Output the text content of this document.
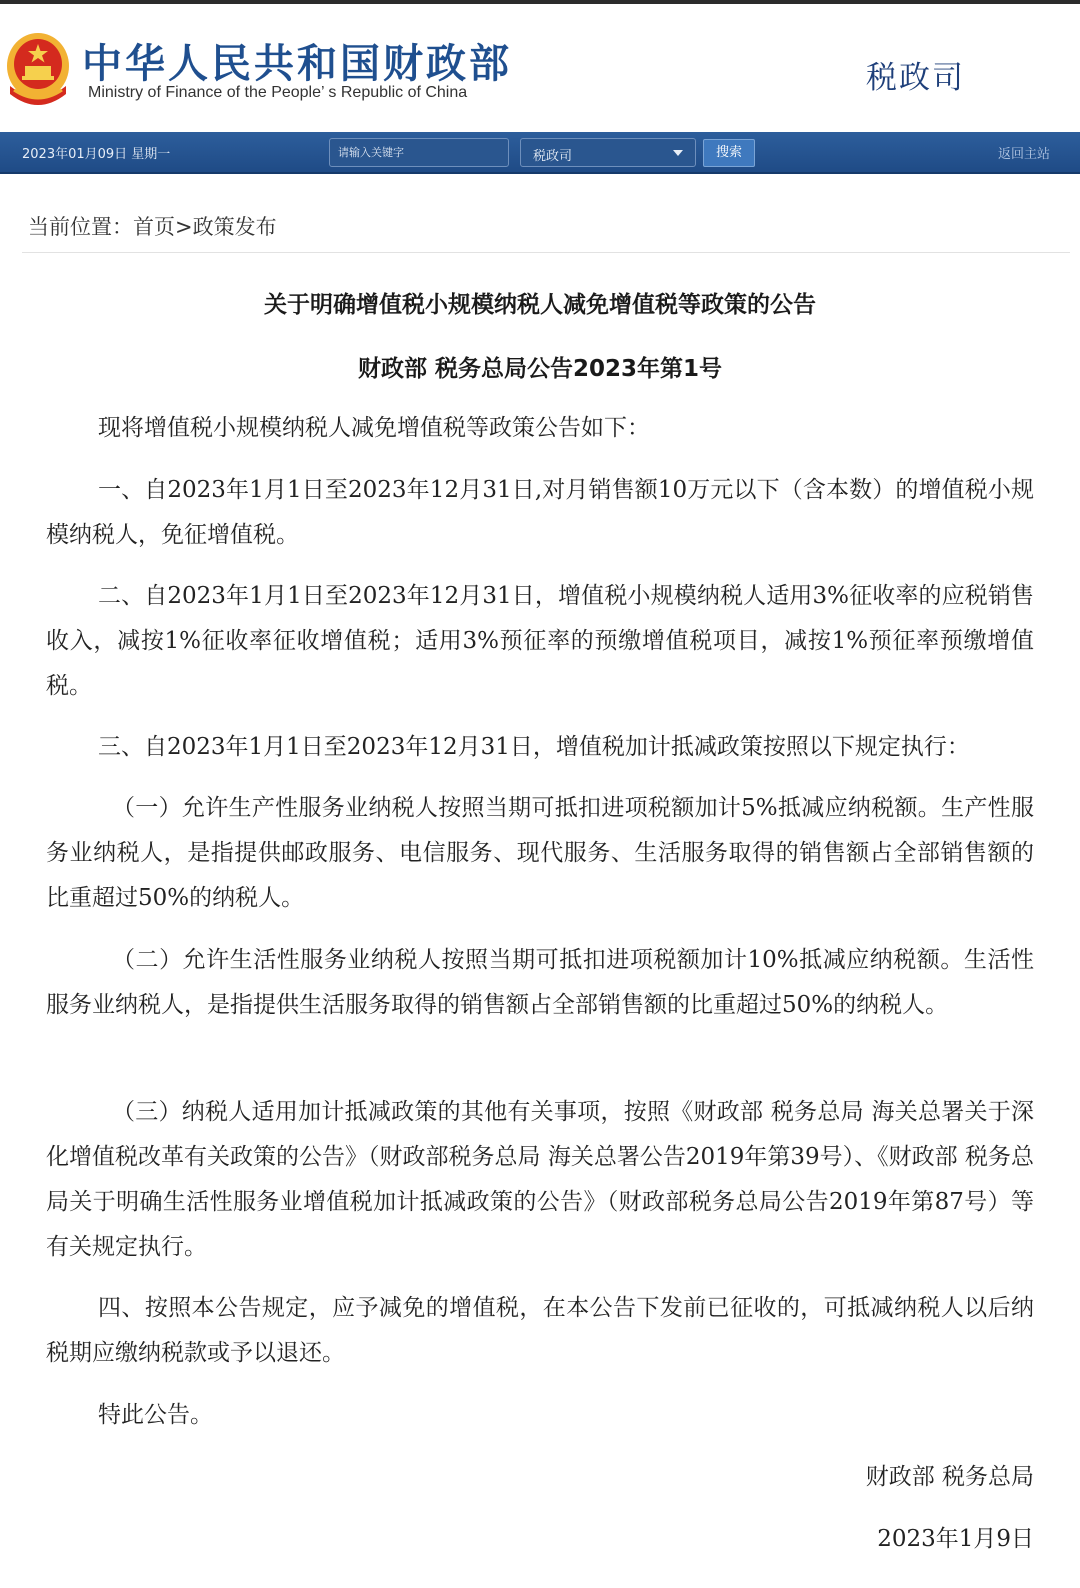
中华人民共和国财政部
Ministry of Finance of the People’ s Republic of China	税政司
2023年01月09日 星期一
请输入关键字	税政司	搜索	返回主站
当前位置：首页>政策发布
关于明确增值税小规模纳税人减免增值税等政策的公告
财政部 税务总局公告2023年第1号

现将增值税小规模纳税人减免增值税等政策公告如下：

一、自2023年1月1日至2023年12月31日,对月销售额10万元以下（含本数）的增值税小规模纳税人，免征增值税。

二、自2023年1月1日至2023年12月31日，增值税小规模纳税人适用3%征收率的应税销售收入，减按1%征收率征收增值税；适用3%预征率的预缴增值税项目，减按1%预征率预缴增值税。

三、自2023年1月1日至2023年12月31日，增值税加计抵减政策按照以下规定执行：

（一）允许生产性服务业纳税人按照当期可抵扣进项税额加计5%抵减应纳税额。生产性服务业纳税人，是指提供邮政服务、电信服务、现代服务、生活服务取得的销售额占全部销售额的比重超过50%的纳税人。

（二）允许生活性服务业纳税人按照当期可抵扣进项税额加计10%抵减应纳税额。生活性服务业纳税人，是指提供生活服务取得的销售额占全部销售额的比重超过50%的纳税人。

（三）纳税人适用加计抵减政策的其他有关事项，按照《财政部 税务总局 海关总署关于深化增值税改革有关政策的公告》（财政部税务总局 海关总署公告2019年第39号）、《财政部 税务总局关于明确生活性服务业增值税加计抵减政策的公告》（财政部税务总局公告2019年第87号）等有关规定执行。

四、按照本公告规定，应予减免的增值税，在本公告下发前已征收的，可抵减纳税人以后纳税期应缴纳税款或予以退还。

特此公告。

财政部 税务总局
2023年1月9日
